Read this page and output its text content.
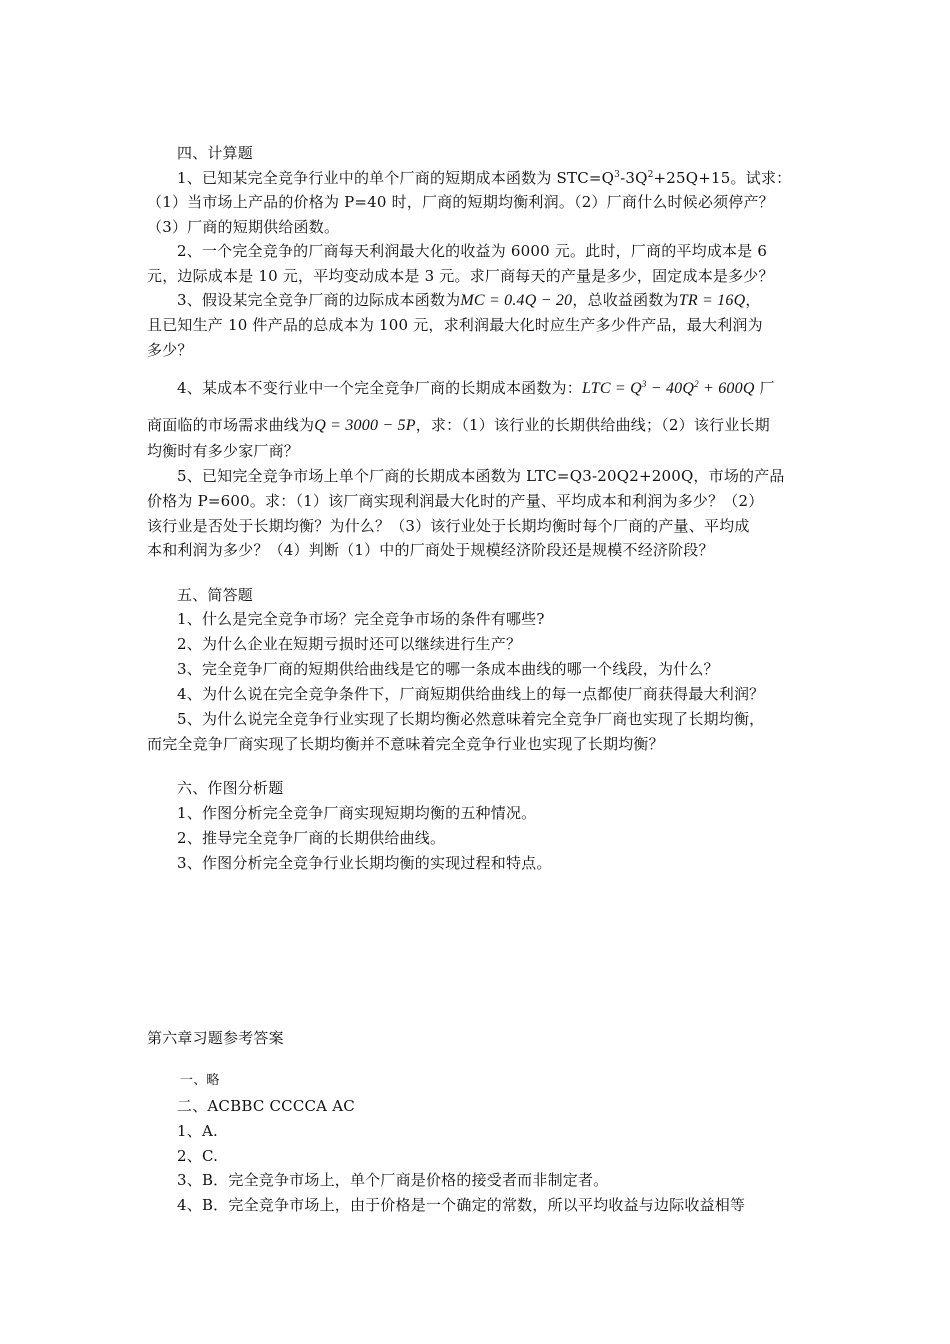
四、计算题
1、已知某完全竞争行业中的单个厂商的短期成本函数为 $STC=Q^3-3Q^2+25Q+15$。试求：
（1）当市场上产品的价格为 P=40 时，厂商的短期均衡利润。（2）厂商什么时候必须停产？
（3）厂商的短期供给函数。
2、一个完全竞争的厂商每天利润最大化的收益为 6000 元。此时，厂商的平均成本是 6
元，边际成本是 10 元，平均变动成本是 3 元。求厂商每天的产量是多少，固定成本是多少？
3、假设某完全竞争厂商的边际成本函数为MC = 0.4Q − 20，总收益函数为TR = 16Q，
且已知生产 10 件产品的总成本为 100 元，求利润最大化时应生产多少件产品，最大利润为
多少？
4、某成本不变行业中一个完全竞争厂商的长期成本函数为：LTC = $Q^3 - 40Q^2 + 600Q$ 厂
商面临的市场需求曲线为Q = 3000 − 5P，求：（1）该行业的长期供给曲线；（2）该行业长期
均衡时有多少家厂商？
5、已知完全竞争市场上单个厂商的长期成本函数为 LTC=Q3-20Q2+200Q，市场的产品
价格为 P=600。求：（1）该厂商实现利润最大化时的产量、平均成本和利润为多少？（2）
该行业是否处于长期均衡？为什么？（3）该行业处于长期均衡时每个厂商的产量、平均成
本和利润为多少？（4）判断（1）中的厂商处于规模经济阶段还是规模不经济阶段？
五、简答题
1、什么是完全竞争市场？完全竞争市场的条件有哪些?
2、为什么企业在短期亏损时还可以继续进行生产？
3、完全竞争厂商的短期供给曲线是它的哪一条成本曲线的哪一个线段，为什么？
4、为什么说在完全竞争条件下，厂商短期供给曲线上的每一点都使厂商获得最大利润？
5、为什么说完全竞争行业实现了长期均衡必然意味着完全竞争厂商也实现了长期均衡，
而完全竞争厂商实现了长期均衡并不意味着完全竞争行业也实现了长期均衡？
六、作图分析题
1、作图分析完全竞争厂商实现短期均衡的五种情况。
2、推导完全竞争厂商的长期供给曲线。
3、作图分析完全竞争行业长期均衡的实现过程和特点。
第六章习题参考答案
一、略
二、ACBBC CCCCA AC
1、A.
2、C.
3、B．完全竞争市场上，单个厂商是价格的接受者而非制定者。
4、B．完全竞争市场上，由于价格是一个确定的常数，所以平均收益与边际收益相等
